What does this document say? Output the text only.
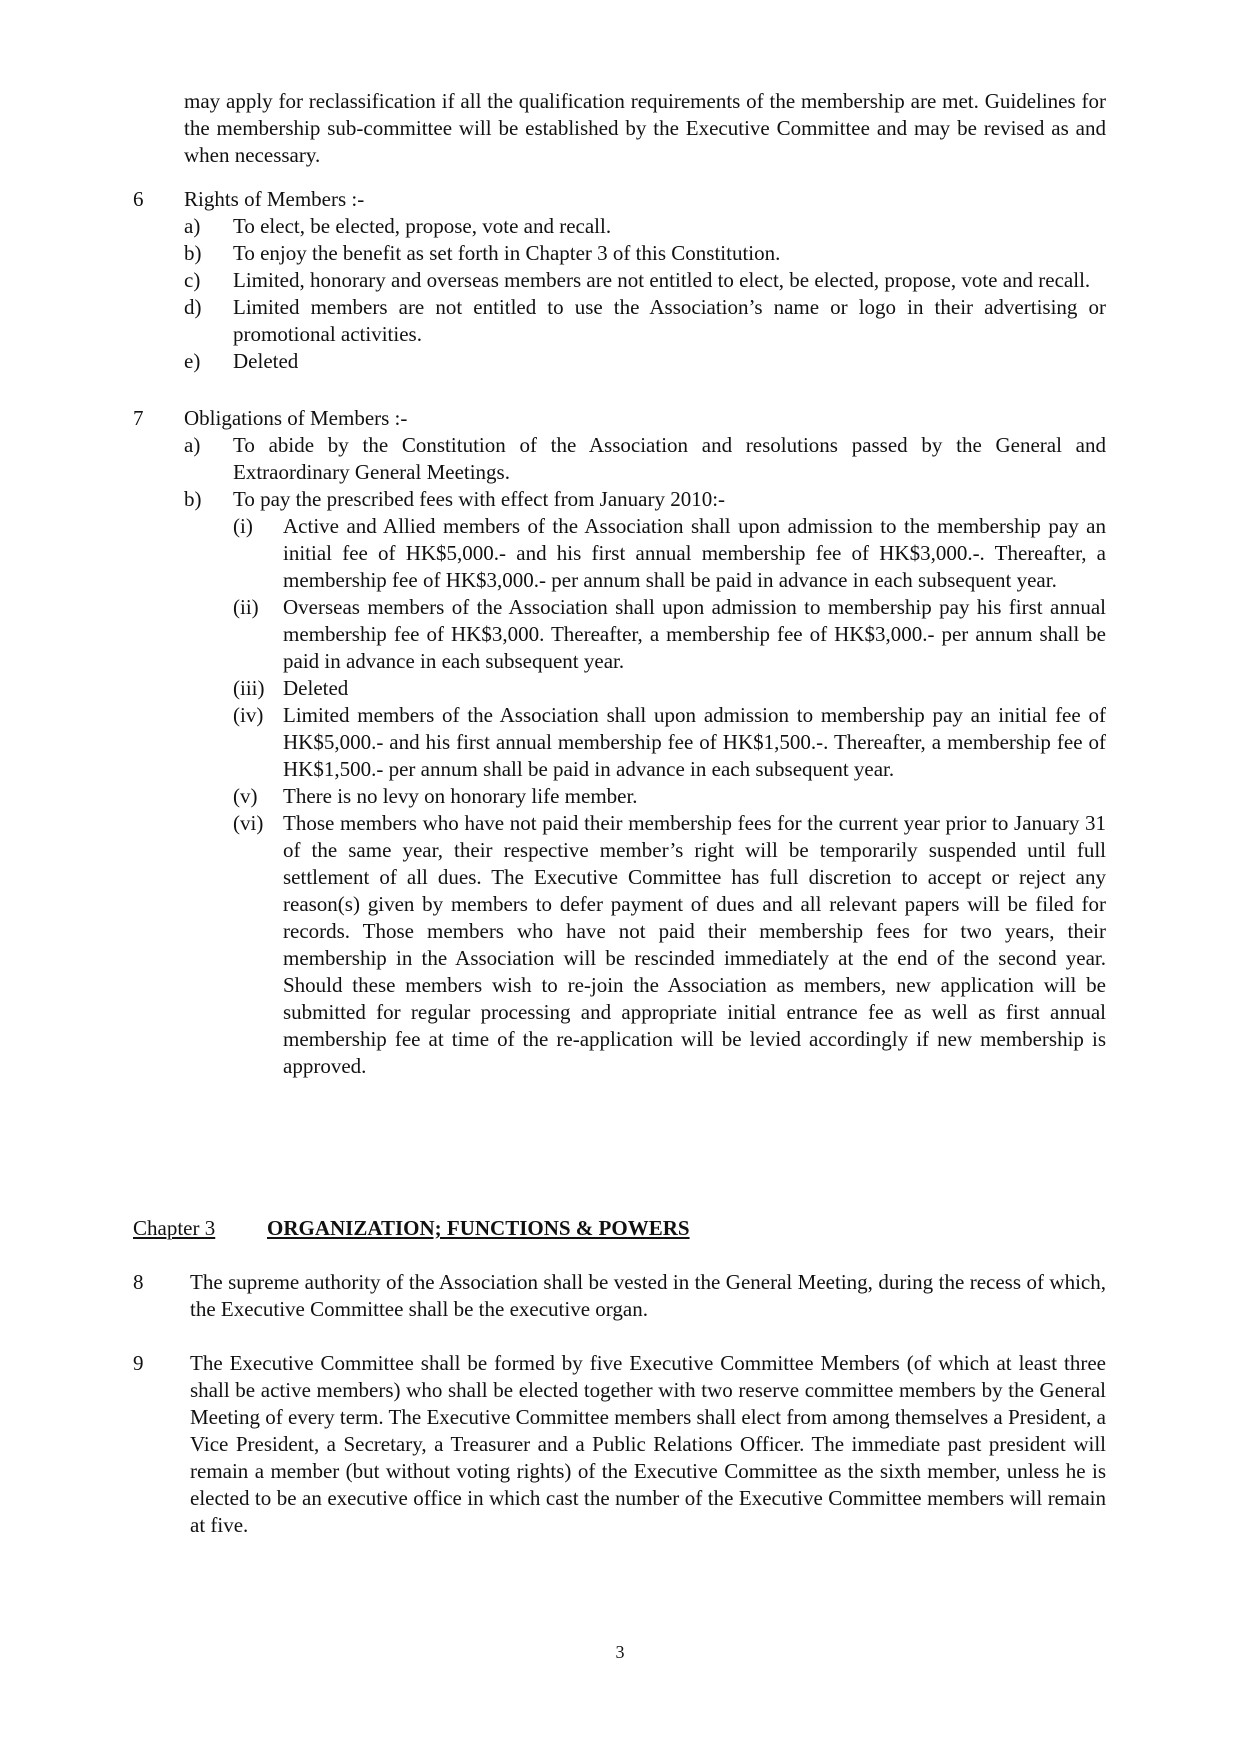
may apply for reclassification if all the qualification requirements of the membership are met. Guidelines for the membership sub-committee will be established by the Executive Committee and may be revised as and when necessary.
6	Rights of Members :-
a)	To elect, be elected, propose, vote and recall.
b)	To enjoy the benefit as set forth in Chapter 3 of this Constitution.
c)	Limited, honorary and overseas members are not entitled to elect, be elected, propose, vote and recall.
d)	Limited members are not entitled to use the Association’s name or logo in their advertising or promotional activities.
e)	Deleted
7	Obligations of Members :-
a)	To abide by the Constitution of the Association and resolutions passed by the General and Extraordinary General Meetings.
b)	To pay the prescribed fees with effect from January 2010:-
(i)	Active and Allied members of the Association shall upon admission to the membership pay an initial fee of HK$5,000.- and his first annual membership fee of HK$3,000.-. Thereafter, a membership fee of HK$3,000.- per annum shall be paid in advance in each subsequent year.
(ii)	Overseas members of the Association shall upon admission to membership pay his first annual membership fee of HK$3,000. Thereafter, a membership fee of HK$3,000.- per annum shall be paid in advance in each subsequent year.
(iii) Deleted
(iv) Limited members of the Association shall upon admission to membership pay an initial fee of HK$5,000.- and his first annual membership fee of HK$1,500.-. Thereafter, a membership fee of HK$1,500.- per annum shall be paid in advance in each subsequent year.
(v)	There is no levy on honorary life member.
(vi) Those members who have not paid their membership fees for the current year prior to January 31 of the same year, their respective member’s right will be temporarily suspended until full settlement of all dues. The Executive Committee has full discretion to accept or reject any reason(s) given by members to defer payment of dues and all relevant papers will be filed for records. Those members who have not paid their membership fees for two years, their membership in the Association will be rescinded immediately at the end of the second year. Should these members wish to re-join the Association as members, new application will be submitted for regular processing and appropriate initial entrance fee as well as first annual membership fee at time of the re-application will be levied accordingly if new membership is approved.
Chapter 3	ORGANIZATION; FUNCTIONS & POWERS
8	The supreme authority of the Association shall be vested in the General Meeting, during the recess of which, the Executive Committee shall be the executive organ.
9	The Executive Committee shall be formed by five Executive Committee Members (of which at least three shall be active members) who shall be elected together with two reserve committee members by the General Meeting of every term. The Executive Committee members shall elect from among themselves a President, a Vice President, a Secretary, a Treasurer and a Public Relations Officer. The immediate past president will remain a member (but without voting rights) of the Executive Committee as the sixth member, unless he is elected to be an executive office in which cast the number of the Executive Committee members will remain at five.
3
